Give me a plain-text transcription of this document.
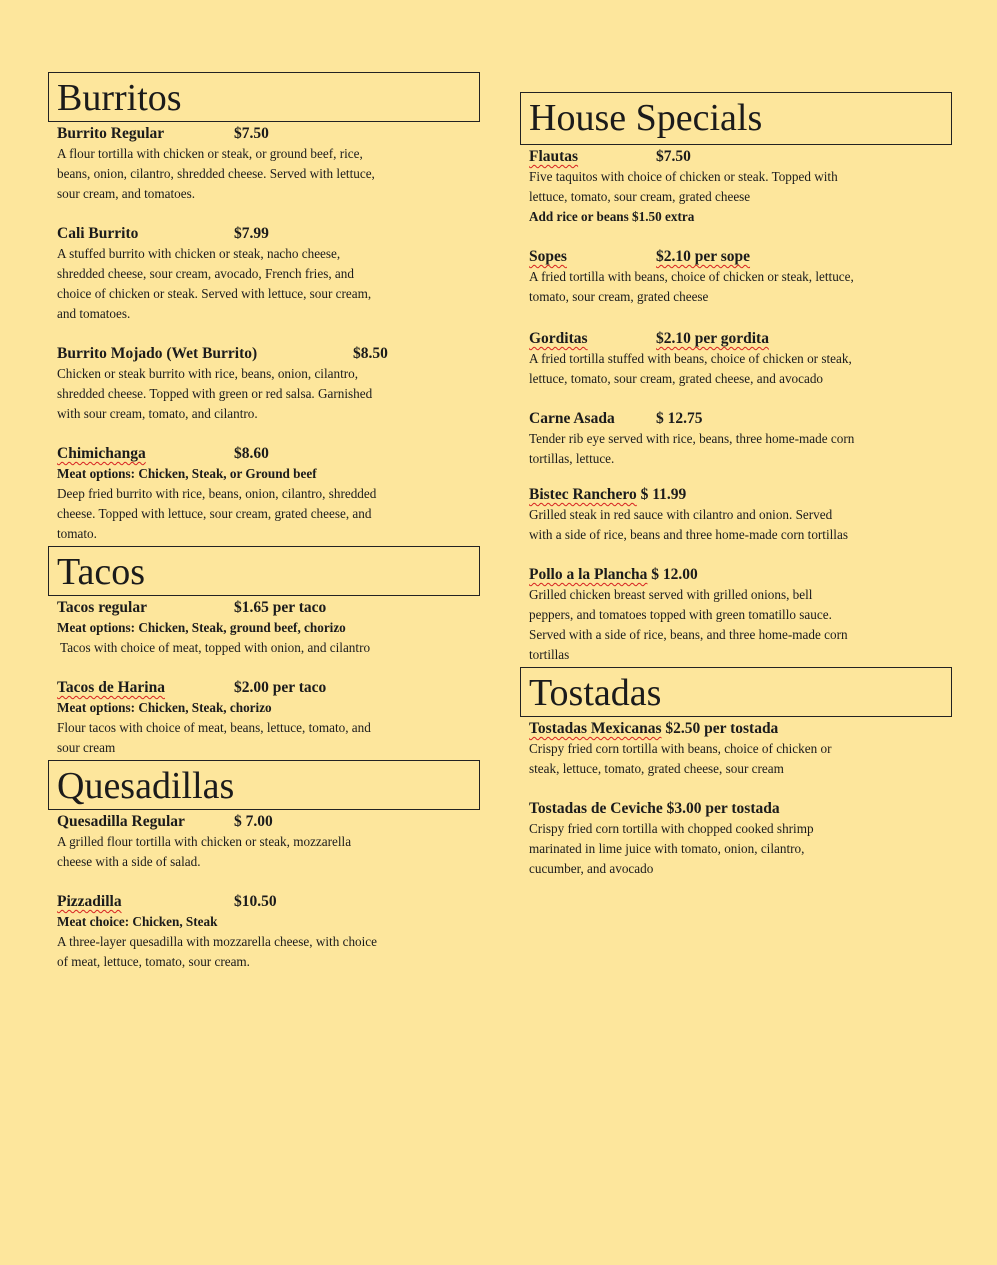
Burritos
Burrito Regular	$7.50
A flour tortilla with chicken or steak, or ground beef, rice,
beans, onion, cilantro, shredded cheese. Served with lettuce,
sour cream, and tomatoes.
Cali Burrito	$7.99
A stuffed burrito with chicken or steak, nacho cheese,
shredded cheese, sour cream, avocado, French fries, and
choice of chicken or steak. Served with lettuce, sour cream,
and tomatoes.
Burrito Mojado (Wet Burrito)	$8.50
Chicken or steak burrito with rice, beans, onion, cilantro,
shredded cheese. Topped with green or red salsa. Garnished
with sour cream, tomato, and cilantro.
Chimichanga	$8.60
Meat options: Chicken, Steak, or Ground beef
Deep fried burrito with rice, beans, onion, cilantro, shredded
cheese. Topped with lettuce, sour cream, grated cheese, and
tomato.
Tacos
Tacos regular	$1.65 per taco
Meat options: Chicken, Steak, ground beef, chorizo
Tacos with choice of meat, topped with onion, and cilantro
Tacos de Harina	$2.00 per taco
Meat options: Chicken, Steak, chorizo
Flour tacos with choice of meat, beans, lettuce, tomato, and
sour cream
Quesadillas
Quesadilla Regular	$ 7.00
A grilled flour tortilla with chicken or steak, mozzarella
cheese with a side of salad.
Pizzadilla	$10.50
Meat choice: Chicken, Steak
A three-layer quesadilla with mozzarella cheese, with choice
of meat, lettuce, tomato, sour cream.
House Specials
Flautas	$7.50
Five taquitos with choice of chicken or steak. Topped with
lettuce, tomato, sour cream, grated cheese
Add rice or beans $1.50 extra
Sopes	$2.10 per sope
A fried tortilla with beans, choice of chicken or steak, lettuce,
tomato, sour cream, grated cheese
Gorditas	$2.10 per gordita
A fried tortilla stuffed with beans, choice of chicken or steak,
lettuce, tomato, sour cream, grated cheese, and avocado
Carne Asada	$ 12.75
Tender rib eye served with rice, beans, three home-made corn
tortillas, lettuce.
Bistec Ranchero $ 11.99
Grilled steak in red sauce with cilantro and onion. Served
with a side of rice, beans and three home-made corn tortillas
Pollo a la Plancha $ 12.00
Grilled chicken breast served with grilled onions, bell
peppers, and tomatoes topped with green tomatillo sauce.
Served with a side of rice, beans, and three home-made corn
tortillas
Tostadas
Tostadas Mexicanas $2.50 per tostada
Crispy fried corn tortilla with beans, choice of chicken or
steak, lettuce, tomato, grated cheese, sour cream
Tostadas de Ceviche $3.00 per tostada
Crispy fried corn tortilla with chopped cooked shrimp
marinated in lime juice with tomato, onion, cilantro,
cucumber, and avocado
